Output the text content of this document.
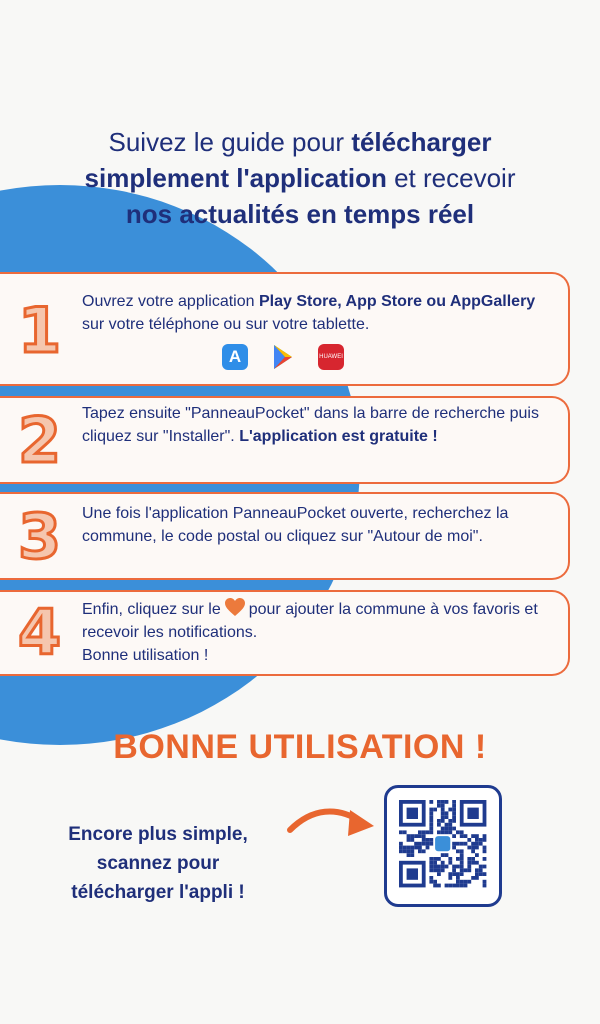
Suivez le guide pour télécharger
simplement l'application et recevoir
nos actualités en temps réel
1 Ouvrez votre application Play Store, App Store ou AppGallery sur votre téléphone ou sur votre tablette.
A	HUAWEI
2 Tapez ensuite "PanneauPocket" dans la barre de recherche puis cliquez sur "Installer". L'application est gratuite !
3 Une fois l'application PanneauPocket ouverte, recherchez la commune, le code postal ou cliquez sur "Autour de moi".
4 Enfin, cliquez sur le pour ajouter la commune à vos favoris et recevoir les notifications.
Bonne utilisation !
BONNE UTILISATION !
Encore plus simple,
scannez pour
télécharger l'appli !
